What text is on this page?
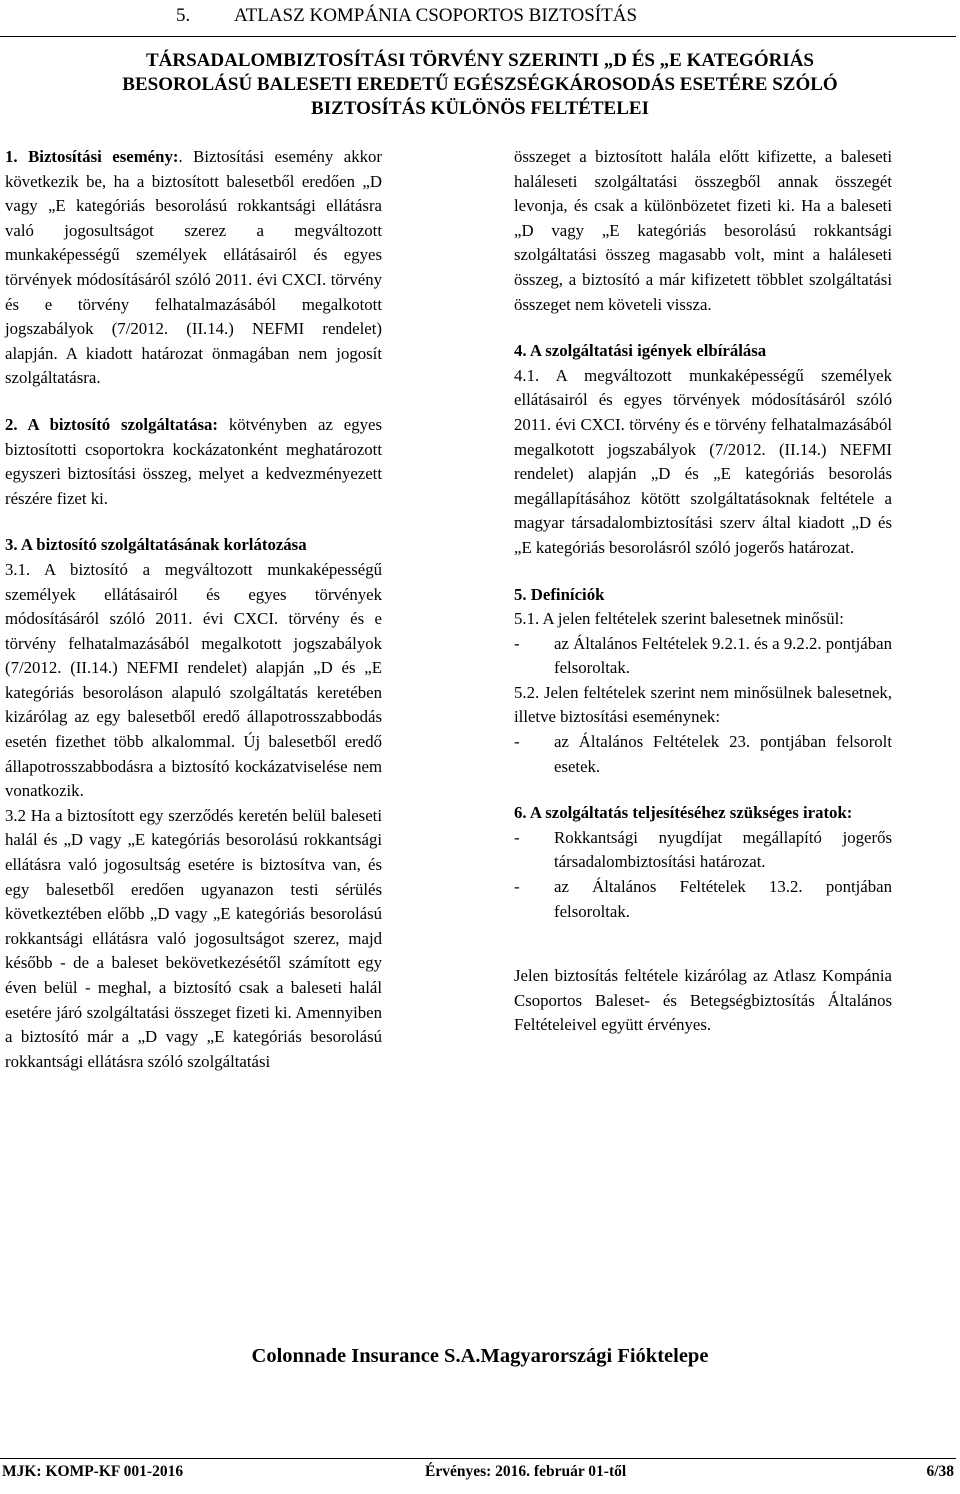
5. ATLASZ KOMPÁNIA CSOPORTOS BIZTOSÍTÁS
TÁRSADALOMBIZTOSÍTÁSI TÖRVÉNY SZERINTI „D ÉS „E KATEGÓRIÁS
BESOROLÁSÚ BALESETI EREDETŰ EGÉSZSÉGKÁROSODÁS ESETÉRE SZÓLÓ
BIZTOSÍTÁS KÜLÖNÖS FELTÉTELEI

1. Biztosítási esemény:. Biztosítási esemény akkor következik be, ha a biztosított balesetből eredően „D vagy „E kategóriás besorolású rokkantsági ellátásra való jogosultságot szerez a megváltozott munkaképességű személyek ellátásairól és egyes törvények módosításáról szóló 2011. évi CXCI. törvény és e törvény felhatalmazásából megalkotott jogszabályok (7/2012. (II.14.) NEFMI rendelet) alapján. A kiadott határozat önmagában nem jogosít szolgáltatásra.

2. A biztosító szolgáltatása: kötvényben az egyes biztosítotti csoportokra kockázatonként meghatározott egyszeri biztosítási összeg, melyet a kedvezményezett részére fizet ki.

3. A biztosító szolgáltatásának korlátozása

3.1. A biztosító a megváltozott munkaképességű személyek ellátásairól és egyes törvények módosításáról szóló 2011. évi CXCI. törvény és e törvény felhatalmazásából megalkotott jogszabályok (7/2012. (II.14.) NEFMI rendelet) alapján „D és „E kategóriás besoroláson alapuló szolgáltatás keretében kizárólag az egy balesetből eredő állapotrosszabbodás esetén fizethet több alkalommal. Új balesetből eredő állapotrosszabbodásra a biztosító kockázatviselése nem vonatkozik.

3.2 Ha a biztosított egy szerződés keretén belül baleseti halál és „D vagy „E kategóriás besorolású rokkantsági ellátásra való jogosultság esetére is biztosítva van, és egy balesetből eredően ugyanazon testi sérülés következtében előbb „D vagy „E kategóriás besorolású rokkantsági ellátásra való jogosultságot szerez, majd később - de a baleset bekövetkezésétől számított egy éven belül - meghal, a biztosító csak a baleseti halál esetére járó szolgáltatási összeget fizeti ki. Amennyiben a biztosító már a „D vagy „E kategóriás besorolású rokkantsági ellátásra szóló szolgáltatási

összeget a biztosított halála előtt kifizette, a baleseti haláleseti szolgáltatási összegből annak összegét levonja, és csak a különbözetet fizeti ki. Ha a baleseti „D vagy „E kategóriás besorolású rokkantsági szolgáltatási összeg magasabb volt, mint a haláleseti összeg, a biztosító a már kifizetett többlet szolgáltatási összeget nem követeli vissza.

4. A szolgáltatási igények elbírálása

4.1. A megváltozott munkaképességű személyek ellátásairól és egyes törvények módosításáról szóló 2011. évi CXCI. törvény és e törvény felhatalmazásából megalkotott jogszabályok (7/2012. (II.14.) NEFMI rendelet) alapján „D és „E kategóriás besorolás megállapításához kötött szolgáltatásoknak feltétele a magyar társadalombiztosítási szerv által kiadott „D és „E kategóriás besorolásról szóló jogerős határozat.

5. Definíciók

5.1. A jelen feltételek szerint balesetnek minősül:

-	az Általános Feltételek 9.2.1. és a 9.2.2. pontjában felsoroltak.

5.2. Jelen feltételek szerint nem minősülnek balesetnek, illetve biztosítási eseménynek:

-	az Általános Feltételek 23. pontjában felsorolt esetek.

6. A szolgáltatás teljesítéséhez szükséges iratok:

-	Rokkantsági nyugdíjat megállapító jogerős társadalombiztosítási határozat.
-	az Általános Feltételek 13.2. pontjában felsoroltak.

Jelen biztosítás feltétele kizárólag az Atlasz Kompánia Csoportos Baleset- és Betegségbiztosítás Általános Feltételeivel együtt érvényes.

Colonnade Insurance S.A.Magyarországi Fióktelepe
MJK: KOMP-KF 001-2016	Érvényes: 2016. február 01-től	6/38
